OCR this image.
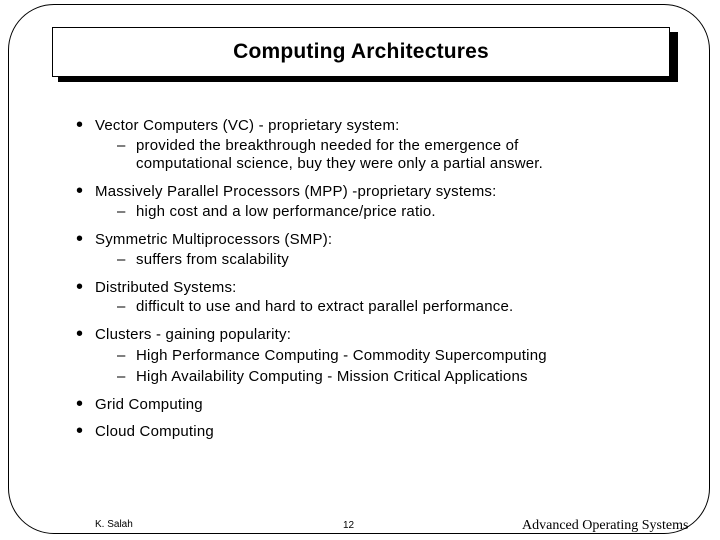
Computing Architectures
• Vector Computers (VC) - proprietary system:
– provided the breakthrough needed for the emergence of
computational science, buy they were only a partial answer.
• Massively Parallel Processors (MPP) -proprietary systems:
– high cost and a low performance/price ratio.
• Symmetric Multiprocessors (SMP):
– suffers from scalability
• Distributed Systems:
– difficult to use and hard to extract parallel performance.
• Clusters - gaining popularity:
– High Performance Computing - Commodity Supercomputing
– High Availability Computing - Mission Critical Applications
• Grid Computing
• Cloud Computing
K. Salah	12	Advanced Operating Systems
